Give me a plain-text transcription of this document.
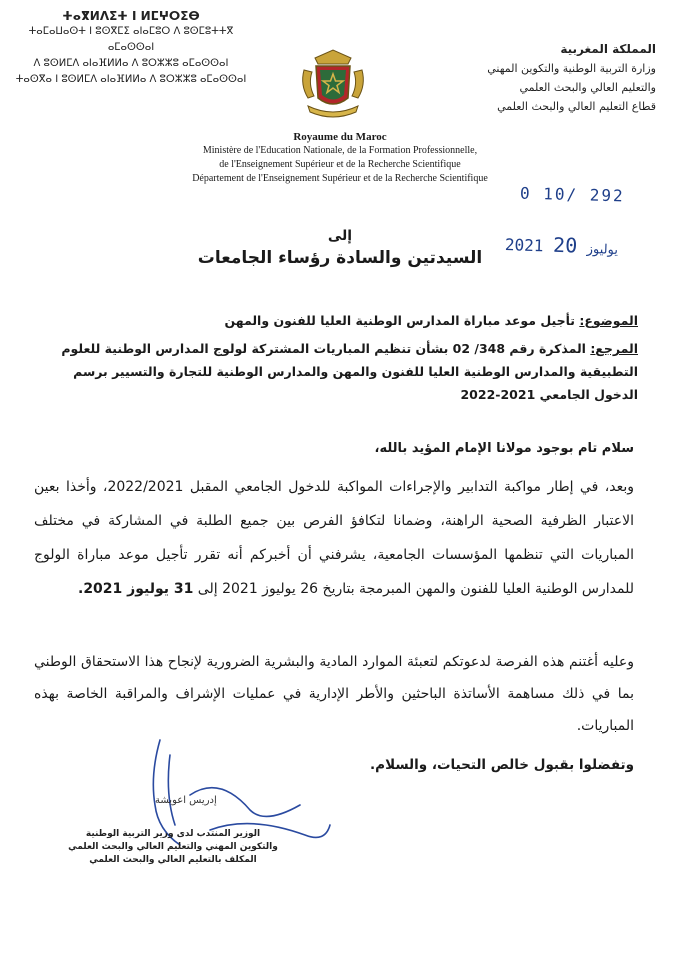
ⵜⴰⴳⵍⴷⵉⵜ ⵏ ⵍⵎⵖⵔⵉⴱ
ⵜⴰⵎⴰⵡⴰⵙⵜ ⵏ ⵓⵙⴳⵎⵉ ⴰⵏⴰⵎⵓⵔ ⴷ ⵓⵙⵎⵓⵜⵜⴳ ⴰⵎⴰⵙⵙⴰⵏ
ⴷ ⵓⵙⵍⵎⴷ ⴰⵏⴰⴼⵍⵍⴰ ⴷ ⵓⵔⵣⵣⵓ ⴰⵎⴰⵙⵙⴰⵏ
ⵜⴰⵙⴳⴰ ⵏ ⵓⵙⵍⵎⴷ ⴰⵏⴰⴼⵍⵍⴰ ⴷ ⵓⵔⵣⵣⵓ ⴰⵎⴰⵙⵙⴰⵏ
المملكة المغربية
وزارة التربية الوطنية والتكوين المهني
والتعليم العالي والبحث العلمي
قطاع التعليم العالي والبحث العلمي
Royaume du Maroc
Ministère de l'Education Nationale, de la Formation Professionnelle,
de l'Enseignement Supérieur et de la Recherche Scientifique
Département de l'Enseignement Supérieur et de la Recherche Scientifique
0 10/ 292
2021	يوليوز 20
إلى
السيدتين والسادة رؤساء الجامعات
الموضوع: تأجيل موعد مباراة المدارس الوطنية العليا للفنون والمهن
المرجع: المذكرة رقم 348/ 02 بشأن تنظيم المباريات المشتركة لولوج المدارس الوطنية للعلوم التطبيقية والمدارس الوطنية العليا للفنون والمهن والمدارس الوطنية للتجارة والتسيير برسم الدخول الجامعي 2021-2022
سلام تام بوجود مولانا الإمام المؤيد بالله،
وبعد، في إطار مواكبة التدابير والإجراءات المواكبة للدخول الجامعي المقبل 2022/2021، وأخذا بعين الاعتبار الظرفية الصحية الراهنة، وضمانا لتكافؤ الفرص بين جميع الطلبة في المشاركة في مختلف المباريات التي تنظمها المؤسسات الجامعية، يشرفني أن أخبركم أنه تقرر تأجيل موعد مباراة الولوج للمدارس الوطنية العليا للفنون والمهن المبرمجة بتاريخ 26 يوليوز 2021 إلى 31 يوليوز 2021.
وعليه أغتنم هذه الفرصة لدعوتكم لتعبئة الموارد المادية والبشرية الضرورية لإنجاح هذا الاستحقاق الوطني بما في ذلك مساهمة الأساتذة الباحثين والأطر الإدارية في عمليات الإشراف والمراقبة الخاصة بهذه المباريات.
وتفضلوا بقبول خالص التحيات، والسلام.
إدريس اعويشة
الوزير المنتدب لدى وزير التربية الوطنية
والتكوين المهني والتعليم العالي والبحث العلمي
المكلف بالتعليم العالي والبحث العلمي
